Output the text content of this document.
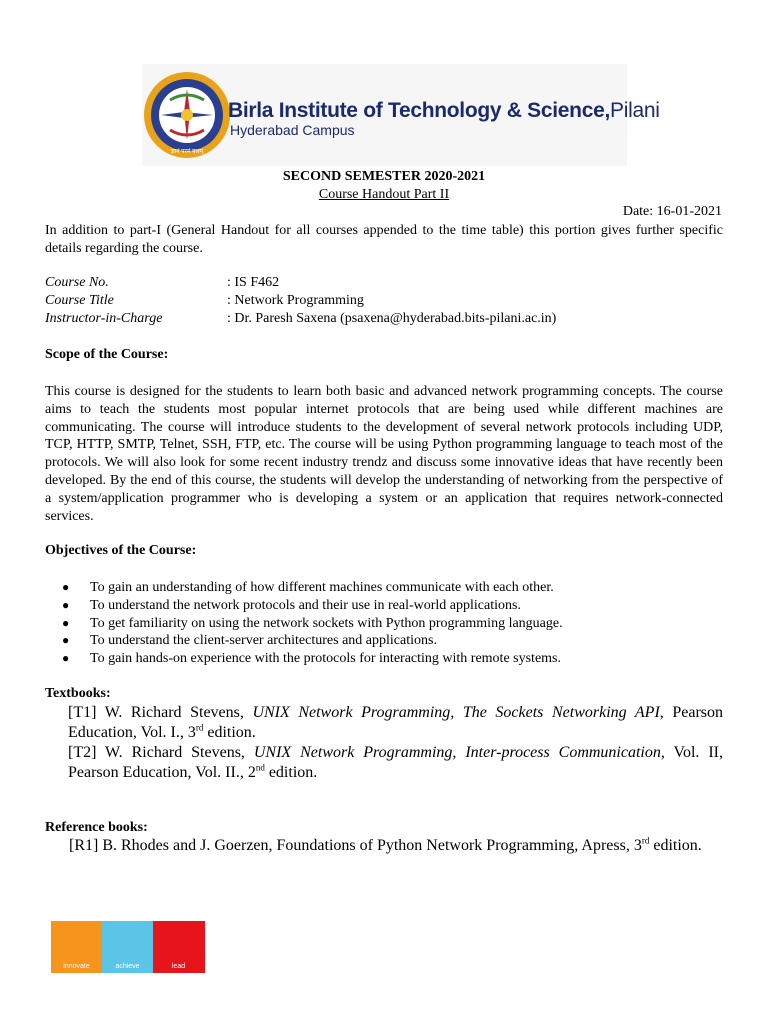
ज्ञानं परमं बलम्
Birla Institute of Technology & Science,Pilani
Hyderabad Campus
SECOND SEMESTER 2020-2021
Course Handout Part II
Date: 16-01-2021
In addition to part-I (General Handout for all courses appended to the time table) this portion gives further specific details regarding the course.
Course No.	: IS F462
Course Title	: Network Programming
Instructor-in-Charge	: Dr. Paresh Saxena (psaxena@hyderabad.bits-pilani.ac.in)
Scope of the Course:
This course is designed for the students to learn both basic and advanced network programming concepts. The course aims to teach the students most popular internet protocols that are being used while different machines are communicating. The course will introduce students to the development of several network protocols including UDP, TCP, HTTP, SMTP, Telnet, SSH, FTP, etc. The course will be using Python programming language to teach most of the protocols. We will also look for some recent industry trendz and discuss some innovative ideas that have recently been developed. By the end of this course, the students will develop the understanding of networking from the perspective of a system/application programmer who is developing a system or an application that requires network-connected services.
Objectives of the Course:
● To gain an understanding of how different machines communicate with each other.
● To understand the network protocols and their use in real-world applications.
● To get familiarity on using the network sockets with Python programming language.
● To understand the client-server architectures and applications.
● To gain hands-on experience with the protocols for interacting with remote systems.
Textbooks:
[T1] W. Richard Stevens, UNIX Network Programming, The Sockets Networking API, Pearson Education, Vol. I., 3rd edition.
[T2] W. Richard Stevens, UNIX Network Programming, Inter-process Communication, Vol. II, Pearson Education, Vol. II., 2nd edition.
Reference books:
[R1] B. Rhodes and J. Goerzen, Foundations of Python Network Programming, Apress, 3rd edition.
innovate	achieve	lead
